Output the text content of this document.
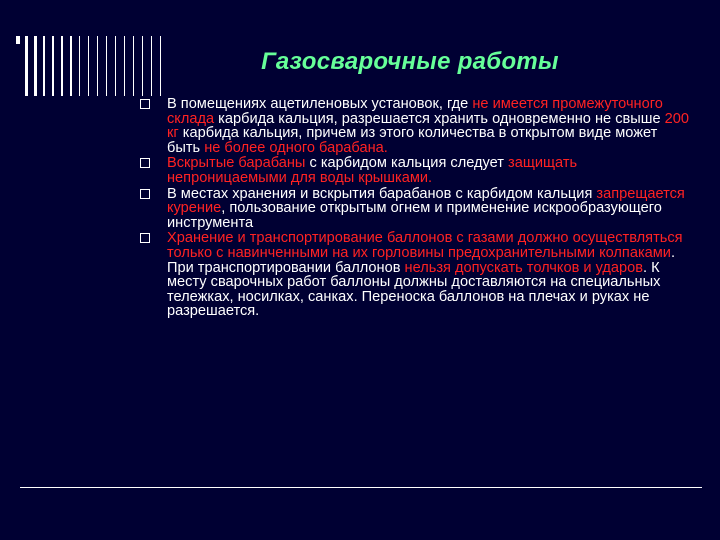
Газосварочные работы
В помещениях ацетиленовых установок, где не имеется промежуточного склада карбида кальция, разрешается хранить одновременно не свыше 200 кг карбида кальция, причем из этого количества в открытом виде может быть не более одного барабана.
Вскрытые барабаны с карбидом кальция следует защищать непроницаемыми для воды крышками.
В местах хранения и вскрытия барабанов с карбидом кальция запрещается курение, пользование открытым огнем и применение искрообразующего инструмента
Хранение и транспортирование баллонов с газами должно осуществляться только с навинченными на их горловины предохранительными колпаками. При транспортировании баллонов нельзя допускать толчков и ударов. К месту сварочных работ баллоны должны доставляются на специальных тележках, носилках, санках. Переноска баллонов на плечах и руках не разрешается.
